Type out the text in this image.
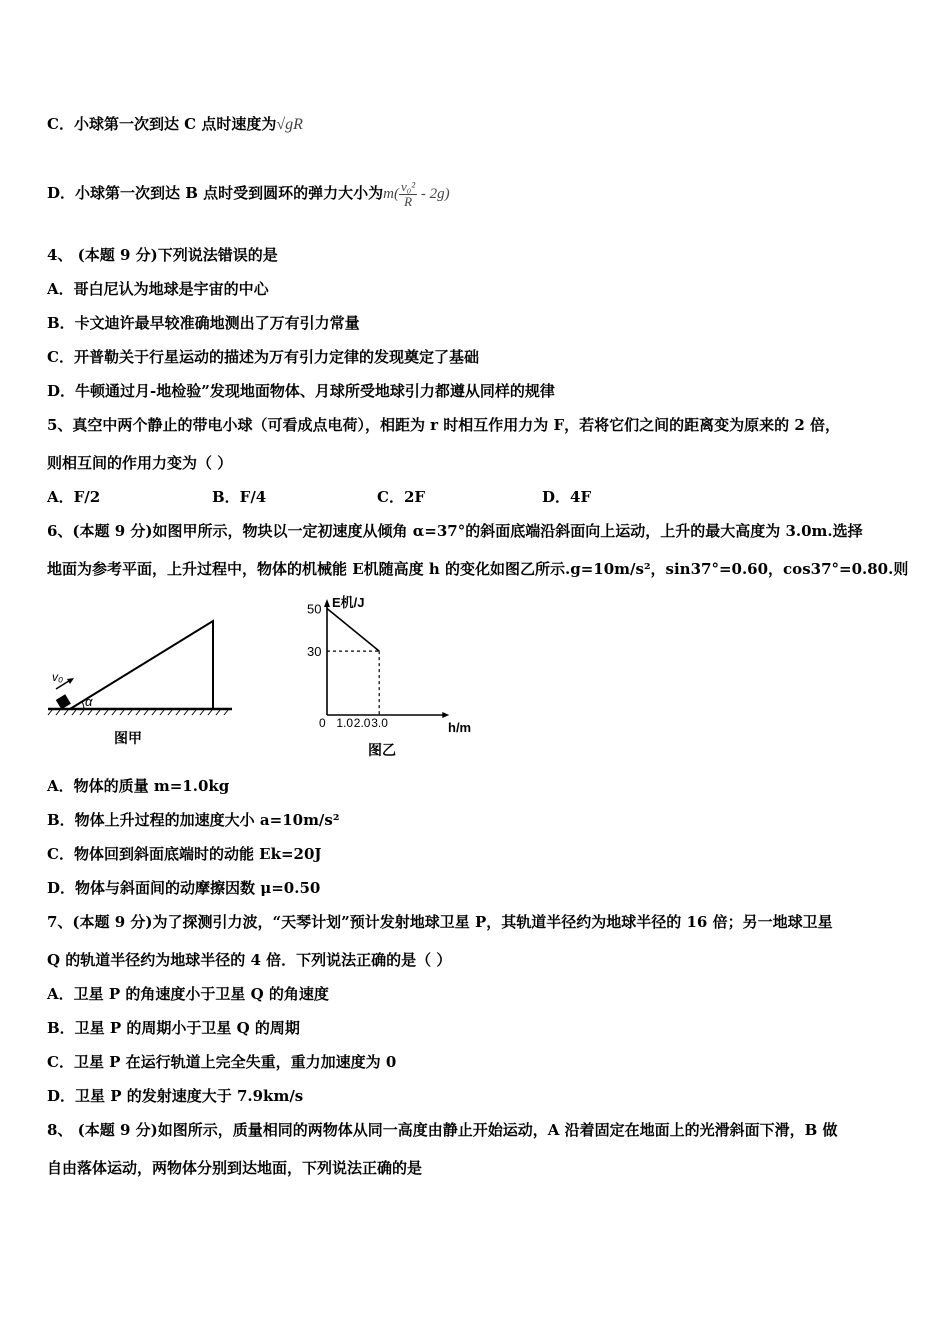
C．小球第一次到达 C 点时速度为√gR
D．小球第一次到达 B 点时受到圆环的弹力大小为$m( \frac{\text{v₀²}}{R} - 2g)$
4、 (本题 9 分)下列说法错误的是
A．哥白尼认为地球是宇宙的中心
B．卡文迪许最早较准确地测出了万有引力常量
C．开普勒关于行星运动的描述为万有引力定律的发现奠定了基础
D．牛顿通过月-地检验”发现地面物体、月球所受地球引力都遵从同样的规律
5、真空中两个静止的带电小球（可看成点电荷），相距为 r 时相互作用力为 F，若将它们之间的距离变为原来的 2 倍，
则相互间的作用力变为（ ）
A．F/2	B．F/4	C．2F	D．4F
6、(本题 9 分)如图甲所示，物块以一定初速度从倾角 α=37°的斜面底端沿斜面向上运动，上升的最大高度为 3.0m.选择
地面为参考平面，上升过程中，物体的机械能 E机随高度 h 的变化如图乙所示.g=10m/s²，sin37°=0.60，cos37°=0.80.则
v₀
α
图甲
1.0 2.0 3.0
50
30
E机/J
h/m
0
图乙
A．物体的质量 m=1.0kg
B．物体上升过程的加速度大小 a=10m/s²
C．物体回到斜面底端时的动能 Ek=20J
D．物体与斜面间的动摩擦因数 μ=0.50
7、(本题 9 分)为了探测引力波，“天琴计划”预计发射地球卫星 P，其轨道半径约为地球半径的 16 倍；另一地球卫星
Q 的轨道半径约为地球半径的 4 倍．下列说法正确的是（ ）
A．卫星 P 的角速度小于卫星 Q 的角速度
B．卫星 P 的周期小于卫星 Q 的周期
C．卫星 P 在运行轨道上完全失重，重力加速度为 0
D．卫星 P 的发射速度大于 7.9km/s
8、 (本题 9 分)如图所示，质量相同的两物体从同一高度由静止开始运动，A 沿着固定在地面上的光滑斜面下滑，B 做
自由落体运动，两物体分别到达地面，下列说法正确的是
